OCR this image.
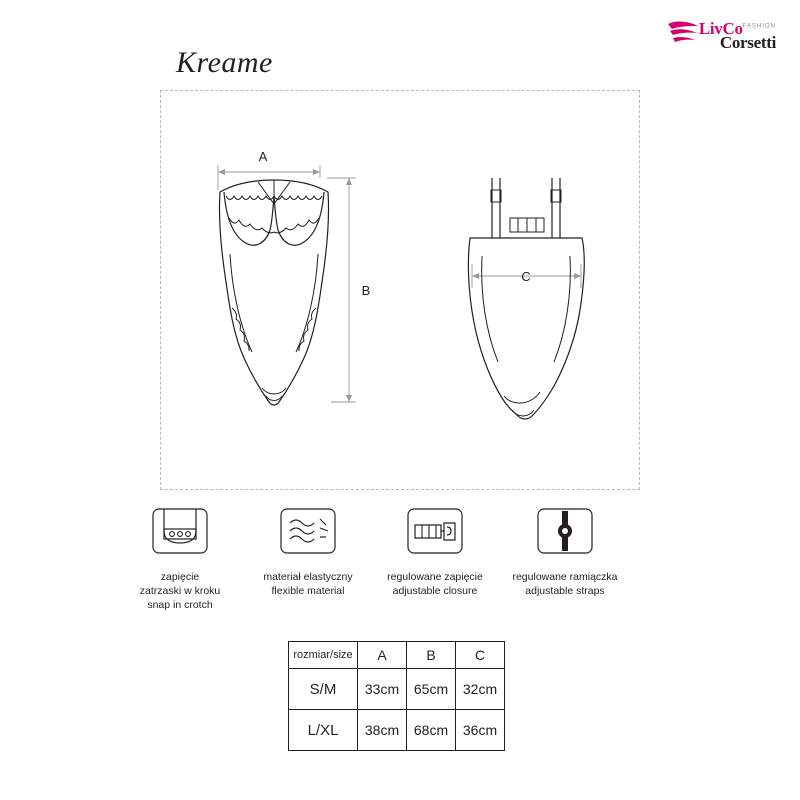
LivCo$^{FASHION}$
Corsetti
Kreame
A
B
C
zapięcie
zatrzaski w kroku
snap in crotch
materiał elastyczny
flexible material
regulowane zapięcie
adjustable closure
regulowane ramiączka
adjustable straps
rozmiar/size	A	B	C
S/M	33cm	65cm	32cm
L/XL	38cm	68cm	36cm
